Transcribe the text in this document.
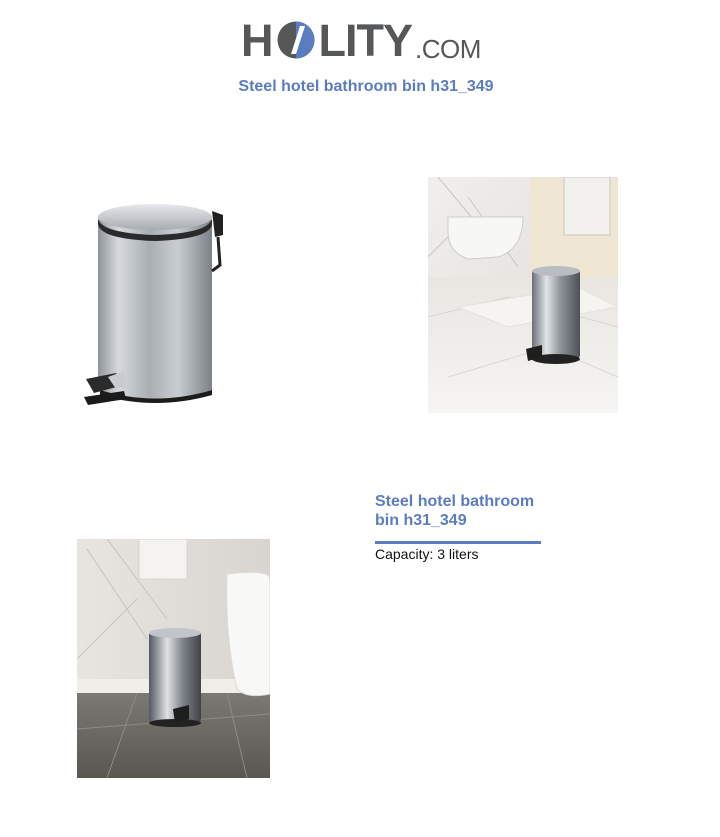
H LITY .COM
Steel hotel bathroom bin h31_349
Steel hotel bathroom bin h31_349
Capacity: 3 liters
